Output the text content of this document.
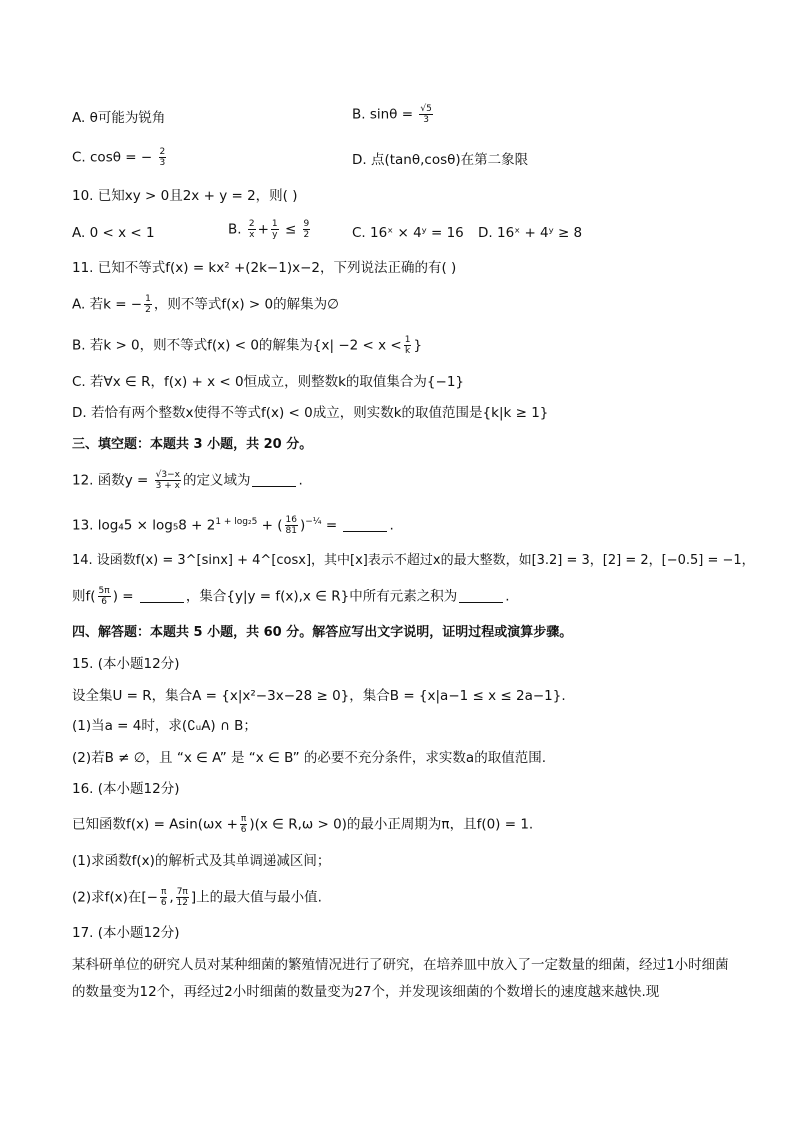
A. θ可能为锐角	B. $\sin\theta = \frac{√5}{3}$
C. cosθ = − $\frac{2}{3}$	D. 点(tanθ,cosθ)在第二象限
10. 已知xy > 0且2x + y = 2，则( )
A. 0 < x < 1	B. $\frac{2}{x} + \frac{1}{y} \le \frac{9}{2}$	C. 16ˣ × 4ʸ = 16 D. 16ˣ + 4ʸ ≥ 8
11. 已知不等式f(x) = kx² +(2k−1)x−2，下列说法正确的有( )
A. 若k = − $\frac{1}{2}$ ，则不等式f(x) > 0的解集为∅
B. 若k > 0，则不等式f(x) < 0的解集为{$x| -2 < x < \frac{1}{k}$ }
C. 若∀x ∈ R，f(x) + x < 0恒成立，则整数k的取值集合为{−1}
D. 若恰有两个整数x使得不等式f(x) < 0成立，则实数k的取值范围是{k|k ≥ 1}
三、填空题：本题共 3 小题，共 20 分。
12. 函数$y = \frac{√3-x}{3 + x}$ 的定义域为	.
13. $\log_45 \times \log_58 + 2^{1 + log_25}$ + ( $\frac{16}{81} )^{-\frac{1}{4}}$ =	.
14. 设函数f(x) = 3^[sinx] + 4^[cosx]，其中[x]表示不超过x的最大整数，如[3.2] = 3，[2] = 2，[−0.5] = −1，
则$f( \frac{5\pi}{6}$ ) =	，集合{y|y = f(x),x ∈ R}中所有元素之积为	.
四、解答题：本题共 5 小题，共 60 分。解答应写出文字说明，证明过程或演算步骤。
15. (本小题12分)
设全集U = R，集合A = {x|x²−3x−28 ≥ 0}，集合B = {x|a−1 ≤ x ≤ 2a−1}.
(1)当a = 4时，求(∁ᵤA) ∩ B；
(2)若B ≠ ∅，且 “x ∈ A” 是 “x ∈ B” 的必要不充分条件，求实数a的取值范围.
16. (本小题12分)
已知函数$f(x) = Asin(\omega x + \frac{\pi}{6} )(x$ ∈ R,ω > 0)的最小正周期为π，且f(0) = 1.
(1)求函数f(x)的解析式及其单调递减区间；
(2)求f(x)在[− $\frac{\pi}{6}$ , $\frac{7\pi}{12}$ ]上的最大值与最小值.
17. (本小题12分)
某科研单位的研究人员对某种细菌的繁殖情况进行了研究，在培养皿中放入了一定数量的细菌，经过1小时细菌的数量变为12个，再经过2小时细菌的数量变为27个，并发现该细菌的个数增长的速度越来越快.现
